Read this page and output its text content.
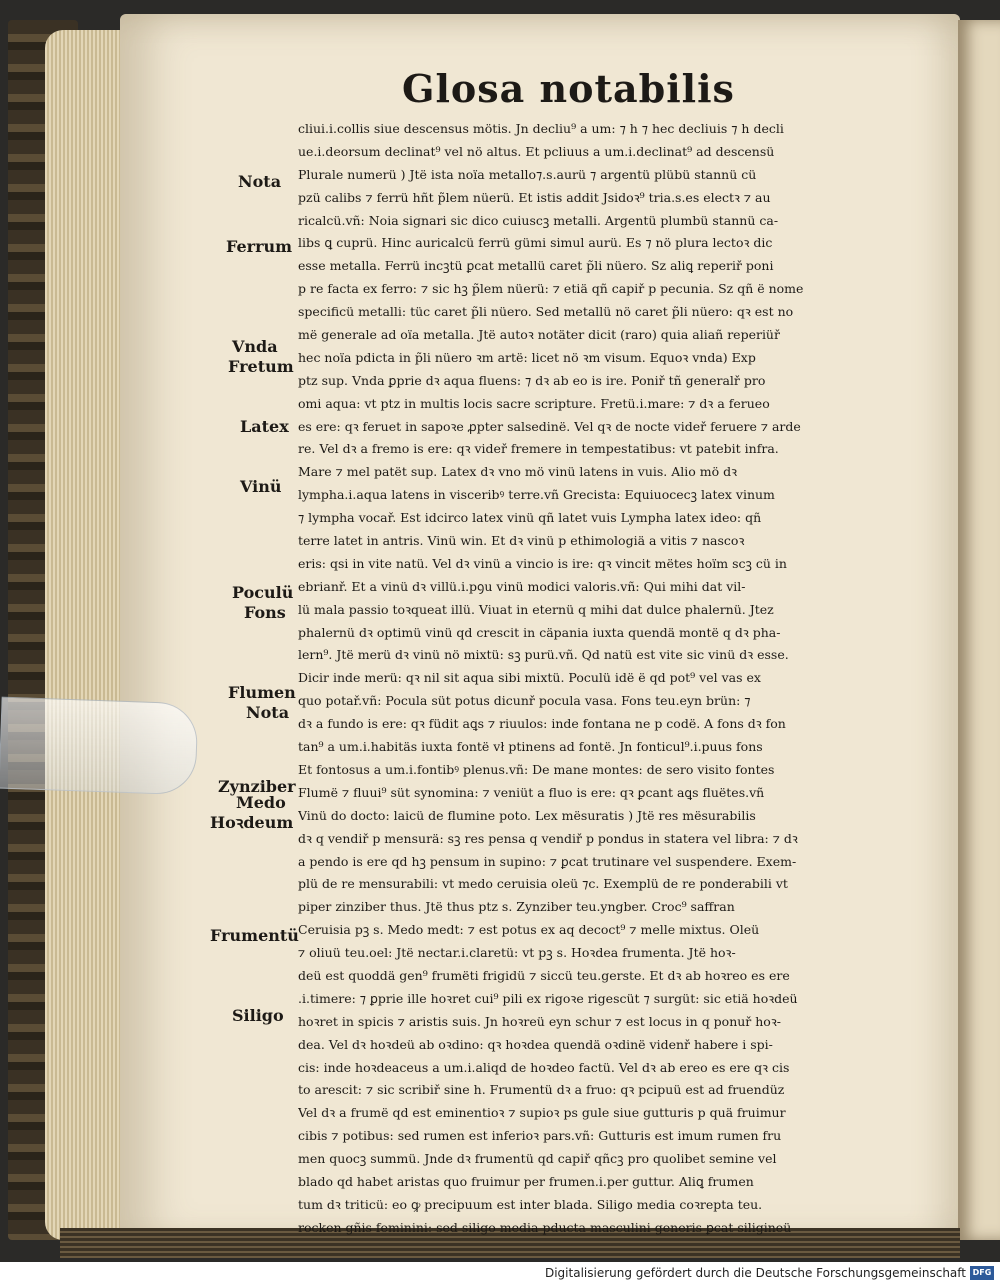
Glosa notabilis
cliui.i.collis siue descensus mötis. Jn decliu⁹ a um: ⁊ h ⁊ hec decliuis ⁊ h decli
ue.i.deorsum declinat⁹ vel nö altus. Et pcliuus a um.i.declinat⁹ ad descensü
Plurale numerü ) Jtë ista noïa metallo⁊.s.aurü ⁊ argentü plübü stannü cü
pzü calibs ⁊ ferrü hñt p̃lem nüerü. Et istis addit Jsidoꝛ⁹ tria.s.es electꝛ ⁊ au
ricalcü.vñ: Noia signari sic dico cuiuscꝫ metalli. Argentü plumbü stannü ca-
libs ꝗ cuprü. Hinc auricalcü ferrü gümi simul aurü. Es ⁊ nö plura lectoꝛ dic
esse metalla. Ferrü incꝫtü ꝑcat metallü caret p̃li nüero. Sz aliꝗ reperiř poni
p re facta ex ferro: ⁊ sic hꝫ p̃lem nüerü: ⁊ etiä qñ capiř p pecunia. Sz qñ ë nome
specificü metalli: tüc caret p̃li nüero. Sed metallü nö caret p̃li nüero: qꝛ est no
më generale ad oïa metalla. Jtë autoꝛ notäter dicit (raro) quia aliañ reperiüř
hec noïa pdicta in p̃li nüero ꝛm artë: licet nö ꝛm visum. Equoꝛ vnda) Exp
ptz sup. Vnda ꝑprie dꝛ aqua fluens: ⁊ dꝛ ab eo is ire. Poniř tñ generalř pro
omi aqua: vt ptz in multis locis sacre scripture. Fretü.i.mare: ⁊ dꝛ a ferueo
es ere: qꝛ feruet in sapoꝛe ꝓpter salsedinë. Vel qꝛ de nocte videř feruere ⁊ arde
re. Vel dꝛ a fremo is ere: qꝛ videř fremere in tempestatibus: vt patebit infra.
Mare ⁊ mel patët sup. Latex dꝛ vno mö vinü latens in vuis. Alio mö dꝛ
lympha.i.aqua latens in visceribꝰ terre.vñ Grecista: Equiuocecꝫ latex vinum
⁊ lympha vocař. Est idcirco latex vinü qñ latet vuis Lympha latex ideo: qñ
terre latet in antris. Vinü win. Et dꝛ vinü p ethimologiä a vitis ⁊ nascoꝛ
eris: qsi in vite natü. Vel dꝛ vinü a vincio is ire: qꝛ vincit mëtes hoïm scꝫ cü in
ebrianř. Et a vinü dꝛ villü.i.pꝯu vinü modici valoris.vñ: Qui mihi dat vil-
lü mala passio toꝛqueat illü. Viuat in eternü q mihi dat dulce phalernü. Jtez
phalernü dꝛ optimü vinü qd crescit in cäpania iuxta quendä montë q dꝛ pha-
lern⁹. Jtë merü dꝛ vinü nö mixtü: sꝫ purü.vñ. Qd natü est vite sic vinü dꝛ esse.
Dicir inde merü: qꝛ nil sit aqua sibi mixtü. Poculü idë ë qd pot⁹ vel vas ex
quo potař.vñ: Pocula süt potus dicunř pocula vasa. Fons teu.eyn brün: ⁊
dꝛ a fundo is ere: qꝛ füdit aꝗs ⁊ riuulos: inde fontana ne p codë. A fons dꝛ fon
tan⁹ a um.i.habitäs iuxta fontë vł ptinens ad fontë. Jn fonticul⁹.i.puus fons
Et fontosus a um.i.fontibꝰ plenus.vñ: De mane montes: de sero visito fontes
Flumë ⁊ fluui⁹ süt synomina: ⁊ veniüt a fluo is ere: qꝛ ꝑcant aꝗs fluëtes.vñ
Vinü do docto: laicü de flumine poto. Lex mësuratis ) Jtë res mësurabilis
dꝛ q vendiř p mensurä: sꝫ res pensa q vendiř p pondus in statera vel libra: ⁊ dꝛ
a pendo is ere qd hꝫ pensum in supino: ⁊ ꝑcat trutinare vel suspendere. Exem-
plü de re mensurabili: vt medo ceruisia oleü ⁊c. Exemplü de re ponderabili vt
piper zinziber thus. Jtë thus ptz s. Zynziber teu.yngber. Croc⁹ saffran
Ceruisia pꝫ s. Medo medt: ⁊ est potus ex aq decoct⁹ ⁊ melle mixtus. Oleü
⁊ oliuü teu.oel: Jtë nectar.i.claretü: vt pꝫ s. Hoꝛdea frumenta. Jtë hoꝛ-
deü est quoddä gen⁹ frumëti frigidü ⁊ siccü teu.gerste. Et dꝛ ab hoꝛreo es ere
.i.timere: ⁊ ꝑprie ille hoꝛret cui⁹ pili ex rigoꝛe rigescüt ⁊ surgüt: sic etiä hoꝛdeü
hoꝛret in spicis ⁊ aristis suis. Jn hoꝛreü eyn schur ⁊ est locus in q ponuř hoꝛ-
dea. Vel dꝛ hoꝛdeü ab oꝛdino: qꝛ hoꝛdea quendä oꝛdinë videnř habere i spi-
cis: inde hoꝛdeaceus a um.i.aliqd de hoꝛdeo factü. Vel dꝛ ab ereo es ere qꝛ cis
to arescit: ⁊ sic scribiř sine h. Frumentü dꝛ a fruo: qꝛ pcipuü est ad fruendüz
Vel dꝛ a frumë qd est eminentioꝛ ⁊ supioꝛ ps gule siue gutturis p quä fruimur
cibis ⁊ potibus: sed rumen est inferioꝛ pars.vñ: Gutturis est imum rumen fru
men quocꝫ summü. Jnde dꝛ frumentü qd capiř qñcꝫ pro quolibet semine vel
blado qd habet aristas quo fruimur per frumen.i.per guttur. Aliꝗ frumen
tum dꝛ triticü: eo ꝙ precipuum est inter blada. Siligo media coꝛrepta teu.
rocken gñis feminini: sed siligo media pducta masculini generis ꝑcat siligineü
Nota
Ferrum
Vnda
Fretum
Latex
Vinü
Poculü
Fons
Flumen
Nota
Zynziber
Medo
Hoꝛdeum
Frumentü
Siligo
Digitalisierung gefördert durch die Deutsche Forschungsgemeinschaft DFG
